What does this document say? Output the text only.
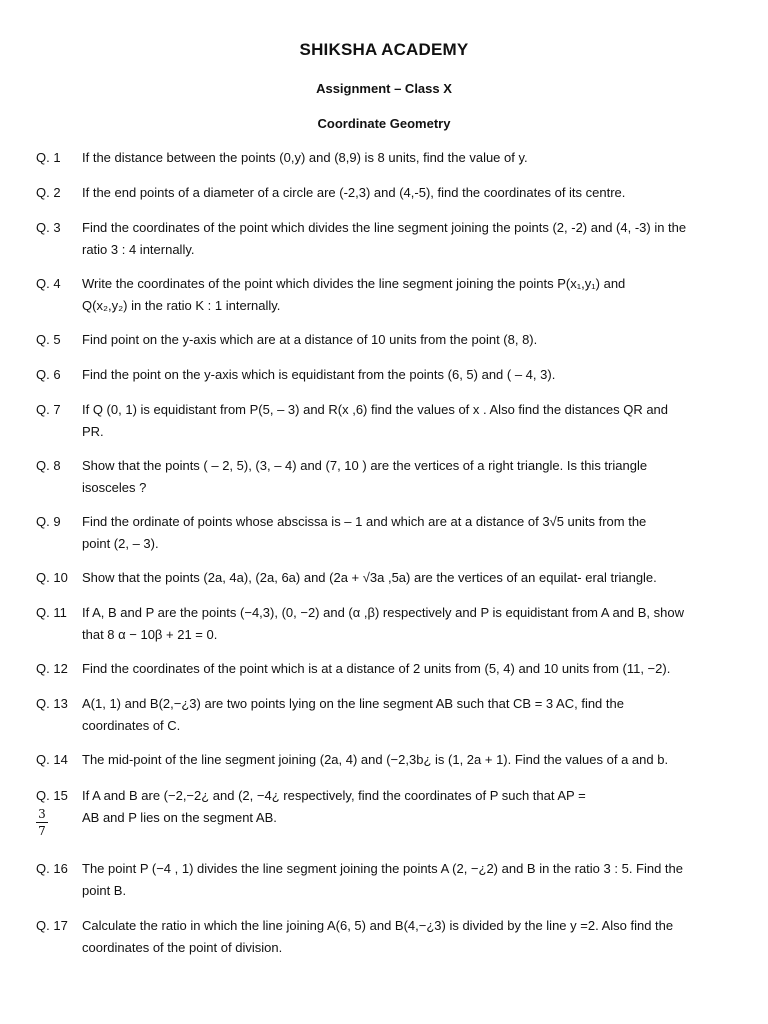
SHIKSHA ACADEMY
Assignment – Class X
Coordinate Geometry
Q. 1	If the distance between the points (0,y) and (8,9) is 8 units, find the value of y.
Q. 2	If the end points of a diameter of a circle are (-2,3) and (4,-5), find the coordinates of its centre.
Q. 3	Find the coordinates of the point which divides the line segment joining the points (2, -2) and (4, -3) in the
ratio 3 : 4 internally.
Q. 4	Write the coordinates of the point which divides the line segment joining the points P(x₁,y₁) and
Q(x₂,y₂) in the ratio K : 1 internally.
Q. 5	Find point on the y-axis which are at a distance of 10 units from the point (8, 8).
Q. 6	Find the point on the y-axis which is equidistant from the points (6, 5) and ( – 4, 3).
Q. 7	If Q (0, 1) is equidistant from P(5, – 3) and R(x ,6) find the values of x . Also find the distances QR and
PR.
Q. 8	Show that the points ( – 2, 5), (3, – 4) and (7, 10 ) are the vertices of a right triangle. Is this triangle
isosceles ?
Q. 9	Find the ordinate of points whose abscissa is – 1 and which are at a distance of 3√5 units from the
point (2, – 3).
Q. 10	Show that the points (2a, 4a), (2a, 6a) and (2a + √3a ,5a) are the vertices of an equilat- eral triangle.
Q. 11	If A, B and P are the points (−4,3), (0, −2) and (α ,β) respectively and P is equidistant from A and B, show
that 8 α − 10β + 21 = 0.
Q. 12	Find the coordinates of the point which is at a distance of 2 units from (5, 4) and 10 units from (11, −2).
Q. 13	A(1, 1) and B(2,−¿3) are two points lying on the line segment AB such that CB = 3 AC, find the
coordinates of C.
Q. 14	The mid-point of the line segment joining (2a, 4) and (−2,3b¿ is (1, 2a + 1). Find the values of a and b.
Q. 15	If A and B are (−2,−2¿ and (2, −4¿ respectively, find the coordinates of P such that AP =
AB and P lies on the segment AB.
3
7
Q. 16	The point P (−4 , 1) divides the line segment joining the points A (2, −¿2) and B in the ratio 3 : 5. Find the
point B.
Q. 17	Calculate the ratio in which the line joining A(6, 5) and B(4,−¿3) is divided by the line y =2. Also find the
coordinates of the point of division.
